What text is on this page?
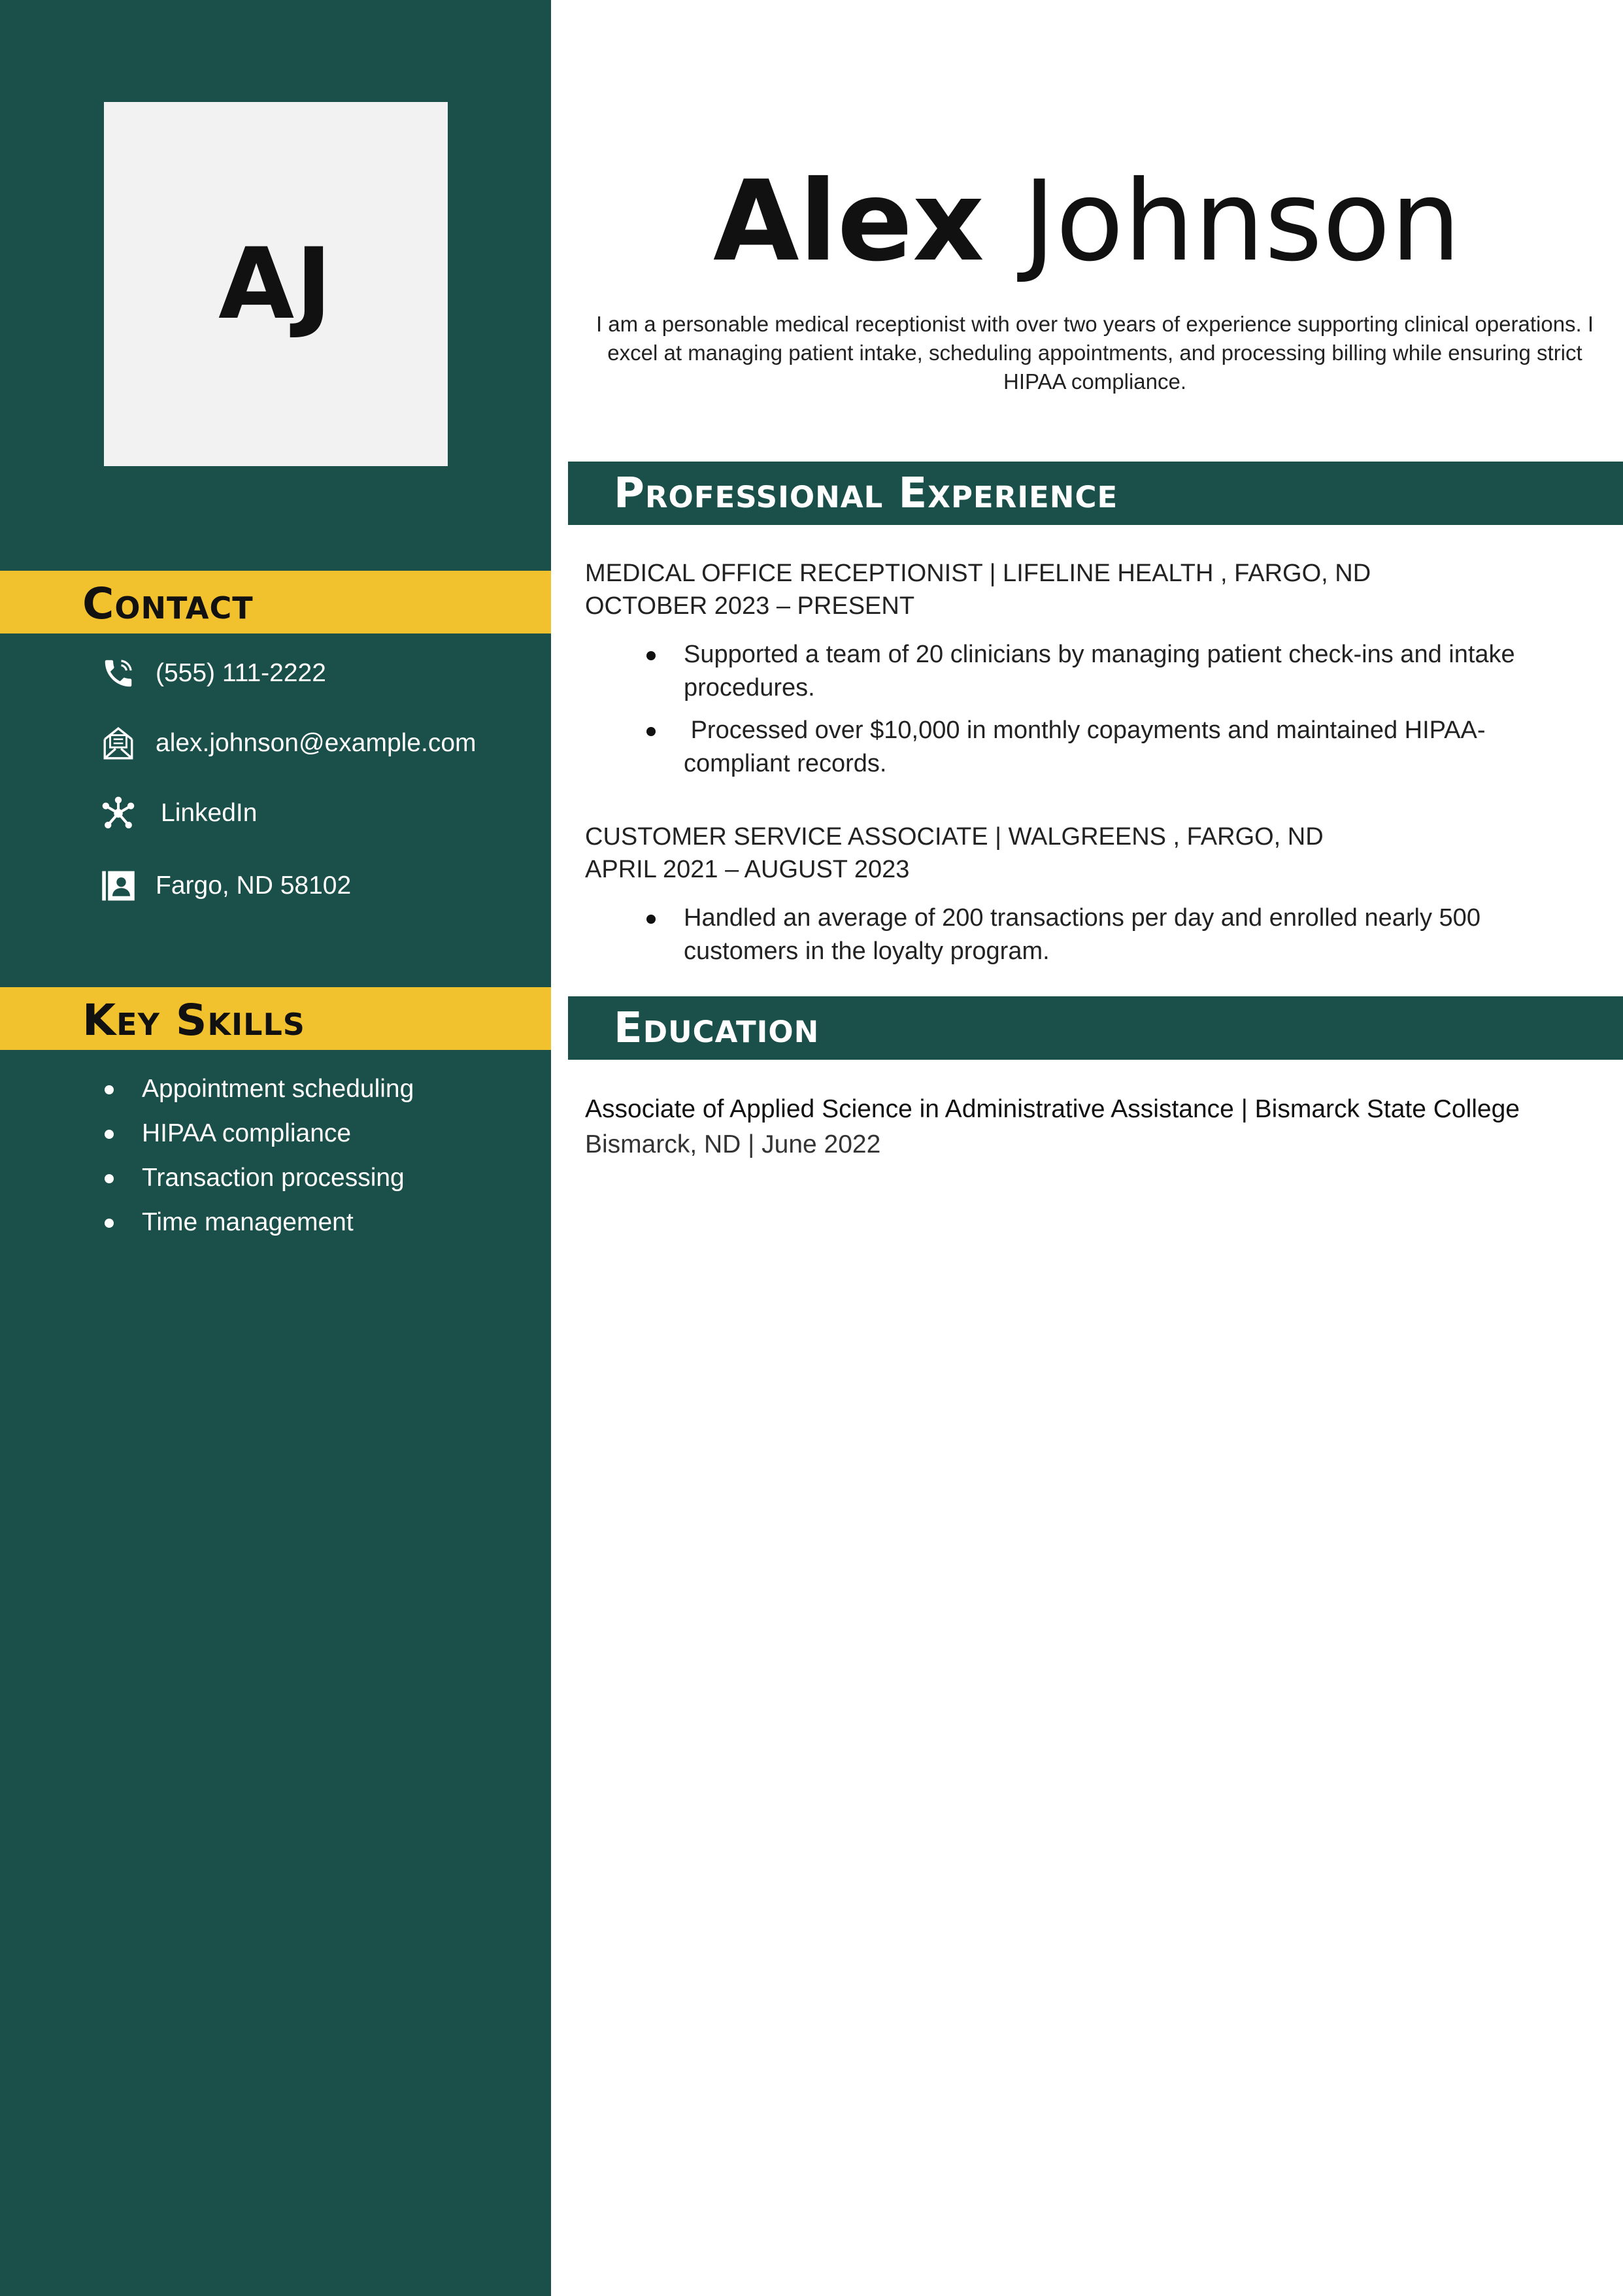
AJ
Contact
(555) 111-2222
alex.johnson@example.com
LinkedIn
Fargo, ND 58102
Key Skills
Appointment scheduling
HIPAA compliance
Transaction processing
Time management
Alex Johnson

I am a personable medical receptionist with over two years of experience supporting clinical operations. I excel at managing patient intake, scheduling appointments, and processing billing while ensuring strict HIPAA compliance.

Professional Experience
MEDICAL OFFICE RECEPTIONIST | LIFELINE HEALTH , FARGO, ND
OCTOBER 2023 – PRESENT
Supported a team of 20 clinicians by managing patient check-ins and intake procedures.
Processed over $10,000 in monthly copayments and maintained HIPAA-compliant records.
CUSTOMER SERVICE ASSOCIATE | WALGREENS , FARGO, ND
APRIL 2021 – AUGUST 2023
Handled an average of 200 transactions per day and enrolled nearly 500 customers in the loyalty program.
Education
Associate of Applied Science in Administrative Assistance | Bismarck State College
Bismarck, ND | June 2022
